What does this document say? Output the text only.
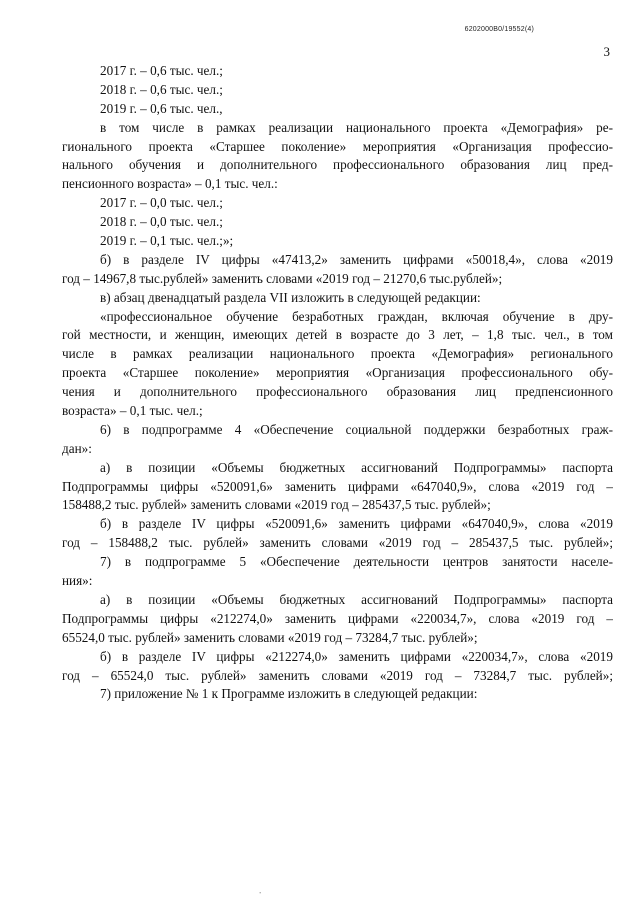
6202000В0/19552(4)
3
2017 г. – 0,6 тыс. чел.;
2018 г. – 0,6 тыс. чел.;
2019 г. – 0,6 тыс. чел.,
в том числе в рамках реализации национального проекта «Демография» ре-
гионального проекта «Старшее поколение» мероприятия «Организация профессио-
нального обучения и дополнительного профессионального образования лиц пред-
пенсионного возраста» – 0,1 тыс. чел.:
2017 г. – 0,0 тыс. чел.;
2018 г. – 0,0 тыс. чел.;
2019 г. – 0,1 тыс. чел.;»;
б) в разделе IV цифры «47413,2» заменить цифрами «50018,4», слова «2019
год – 14967,8 тыс.рублей» заменить словами «2019 год – 21270,6 тыс.рублей»;
в) абзац двенадцатый раздела VII изложить в следующей редакции:
«профессиональное обучение безработных граждан, включая обучение в дру-
гой местности, и женщин, имеющих детей в возрасте до 3 лет, – 1,8 тыс. чел., в том
числе в рамках реализации национального проекта «Демография» регионального
проекта «Старшее поколение» мероприятия «Организация профессионального обу-
чения и дополнительного профессионального образования лиц предпенсионного
возраста» – 0,1 тыс. чел.;
6) в подпрограмме 4 «Обеспечение социальной поддержки безработных граж-
дан»:
а) в позиции «Объемы бюджетных ассигнований Подпрограммы» паспорта
Подпрограммы цифры «520091,6» заменить цифрами «647040,9», слова «2019 год –
158488,2 тыс. рублей» заменить словами «2019 год – 285437,5 тыс. рублей»;
б) в разделе IV цифры «520091,6» заменить цифрами «647040,9», слова «2019
год – 158488,2 тыс. рублей» заменить словами «2019 год – 285437,5 тыс. рублей»;
7) в подпрограмме 5 «Обеспечение деятельности центров занятости населе-
ния»:
а) в позиции «Объемы бюджетных ассигнований Подпрограммы» паспорта
Подпрограммы цифры «212274,0» заменить цифрами «220034,7», слова «2019 год –
65524,0 тыс. рублей» заменить словами «2019 год – 73284,7 тыс. рублей»;
б) в разделе IV цифры «212274,0» заменить цифрами «220034,7», слова «2019
год – 65524,0 тыс. рублей» заменить словами «2019 год – 73284,7 тыс. рублей»;
7) приложение № 1 к Программе изложить в следующей редакции:
٠
